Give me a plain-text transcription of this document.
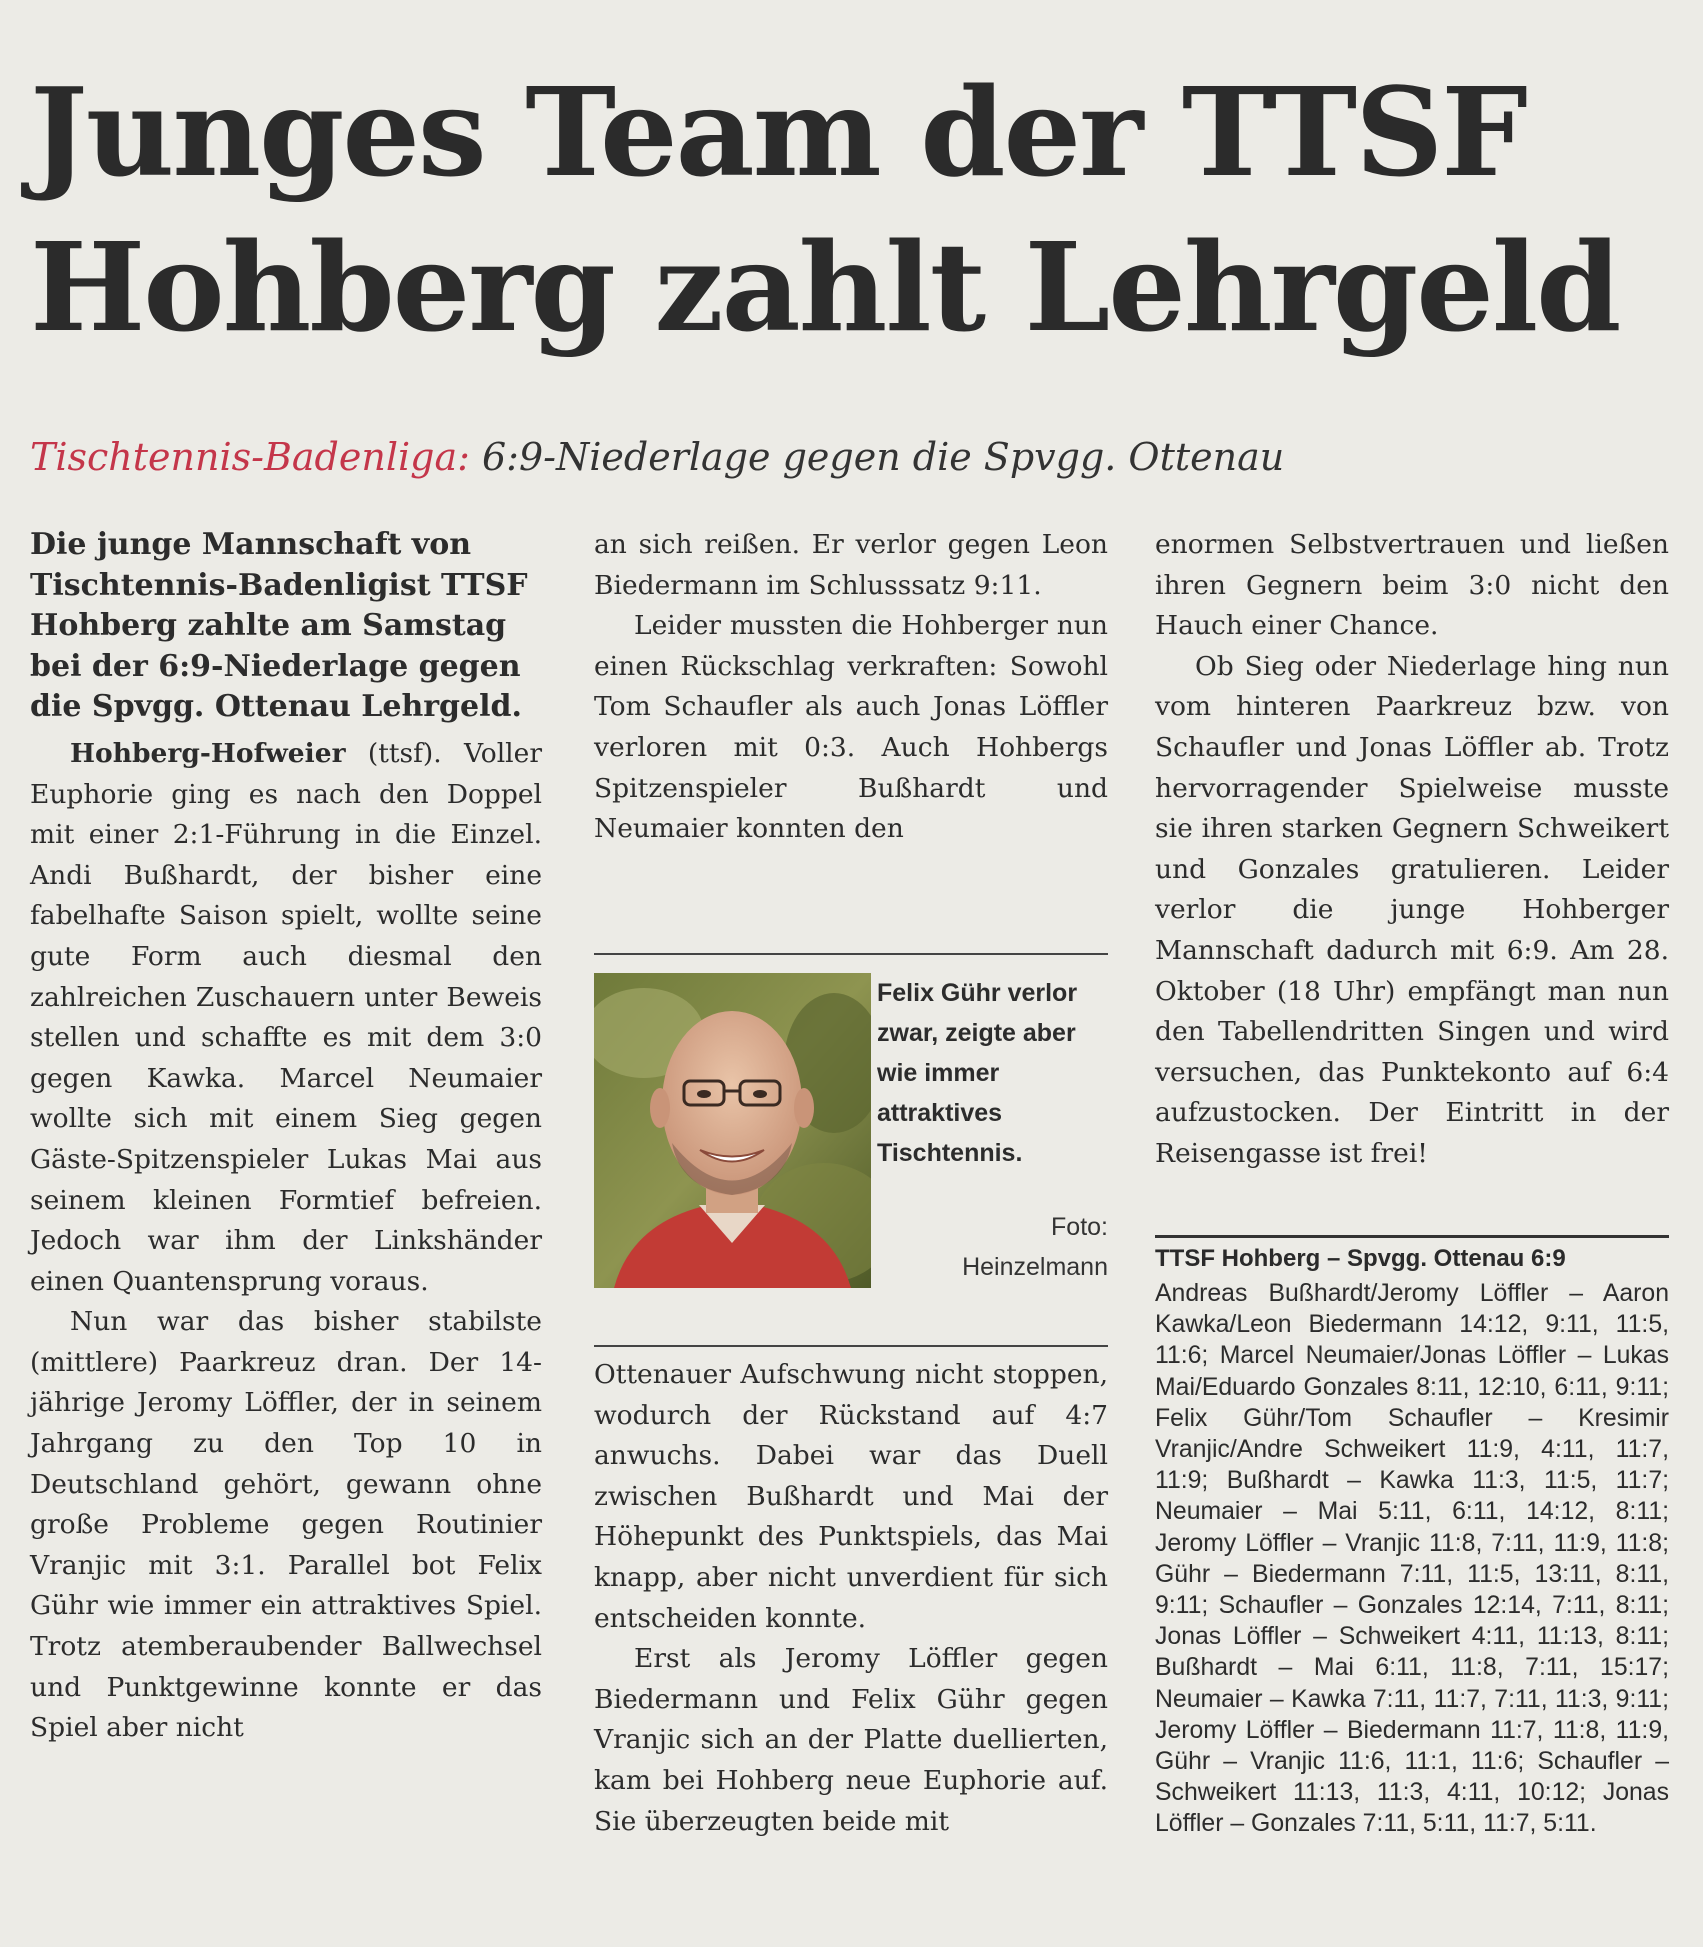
Junges Team der TTSF
Hohberg zahlt Lehrgeld

Tischtennis-Badenliga: 6:9-Niederlage gegen die Spvgg. Ottenau

Die junge Mannschaft von Tischtennis-Badenligist TTSF Hohberg zahlte am Samstag bei der 6:9-Niederlage gegen die Spvgg. Ottenau Lehrgeld.

Hohberg-Hofweier (ttsf). Voller Euphorie ging es nach den Doppel mit einer 2:1-Führung in die Einzel. Andi Bußhardt, der bisher eine fabelhafte Saison spielt, wollte seine gute Form auch diesmal den zahlreichen Zuschauern unter Beweis stellen und schaffte es mit dem 3:0 gegen Kawka. Marcel Neumaier wollte sich mit einem Sieg gegen Gäste-Spitzenspieler Lukas Mai aus seinem kleinen Formtief befreien. Jedoch war ihm der Linkshänder einen Quantensprung voraus.

Nun war das bisher stabilste (mittlere) Paarkreuz dran. Der 14-jährige Jeromy Löffler, der in seinem Jahrgang zu den Top 10 in Deutschland gehört, gewann ohne große Probleme gegen Routinier Vranjic mit 3:1. Parallel bot Felix Gühr wie immer ein attraktives Spiel. Trotz atemberaubender Ballwechsel und Punktgewinne konnte er das Spiel aber nicht

an sich reißen. Er verlor gegen Leon Biedermann im Schlusssatz 9:11.

Leider mussten die Hohberger nun einen Rückschlag verkraften: Sowohl Tom Schaufler als auch Jonas Löffler verloren mit 0:3. Auch Hohbergs Spitzenspieler Bußhardt und Neumaier konnten den

Felix Gühr verlor zwar, zeigte aber wie immer attraktives Tischtennis.
Foto:
Heinzelmann

Ottenauer Aufschwung nicht stoppen, wodurch der Rückstand auf 4:7 anwuchs. Dabei war das Duell zwischen Bußhardt und Mai der Höhepunkt des Punktspiels, das Mai knapp, aber nicht unverdient für sich entscheiden konnte.

Erst als Jeromy Löffler gegen Biedermann und Felix Gühr gegen Vranjic sich an der Platte duellierten, kam bei Hohberg neue Euphorie auf. Sie überzeugten beide mit

enormen Selbstvertrauen und ließen ihren Gegnern beim 3:0 nicht den Hauch einer Chance.

Ob Sieg oder Niederlage hing nun vom hinteren Paarkreuz bzw. von Schaufler und Jonas Löffler ab. Trotz hervorragender Spielweise musste sie ihren starken Gegnern Schweikert und Gonzales gratulieren. Leider verlor die junge Hohberger Mannschaft dadurch mit 6:9. Am 28. Oktober (18 Uhr) empfängt man nun den Tabellendritten Singen und wird versuchen, das Punktekonto auf 6:4 aufzustocken. Der Eintritt in der Reisengasse ist frei!

TTSF Hohberg – Spvgg. Ottenau 6:9

Andreas Bußhardt/Jeromy Löffler – Aaron Kawka/Leon Biedermann 14:12, 9:11, 11:5, 11:6; Marcel Neumaier/Jonas Löffler – Lukas Mai/Eduardo Gonzales 8:11, 12:10, 6:11, 9:11; Felix Gühr/Tom Schaufler – Kresimir Vranjic/Andre Schweikert 11:9, 4:11, 11:7, 11:9; Bußhardt – Kawka 11:3, 11:5, 11:7; Neumaier – Mai 5:11, 6:11, 14:12, 8:11; Jeromy Löffler – Vranjic 11:8, 7:11, 11:9, 11:8; Gühr – Biedermann 7:11, 11:5, 13:11, 8:11, 9:11; Schaufler – Gonzales 12:14, 7:11, 8:11; Jonas Löffler – Schweikert 4:11, 11:13, 8:11; Bußhardt – Mai 6:11, 11:8, 7:11, 15:17; Neumaier – Kawka 7:11, 11:7, 7:11, 11:3, 9:11; Jeromy Löffler – Biedermann 11:7, 11:8, 11:9, Gühr – Vranjic 11:6, 11:1, 11:6; Schaufler – Schweikert 11:13, 11:3, 4:11, 10:12; Jonas Löffler – Gonzales 7:11, 5:11, 11:7, 5:11.
